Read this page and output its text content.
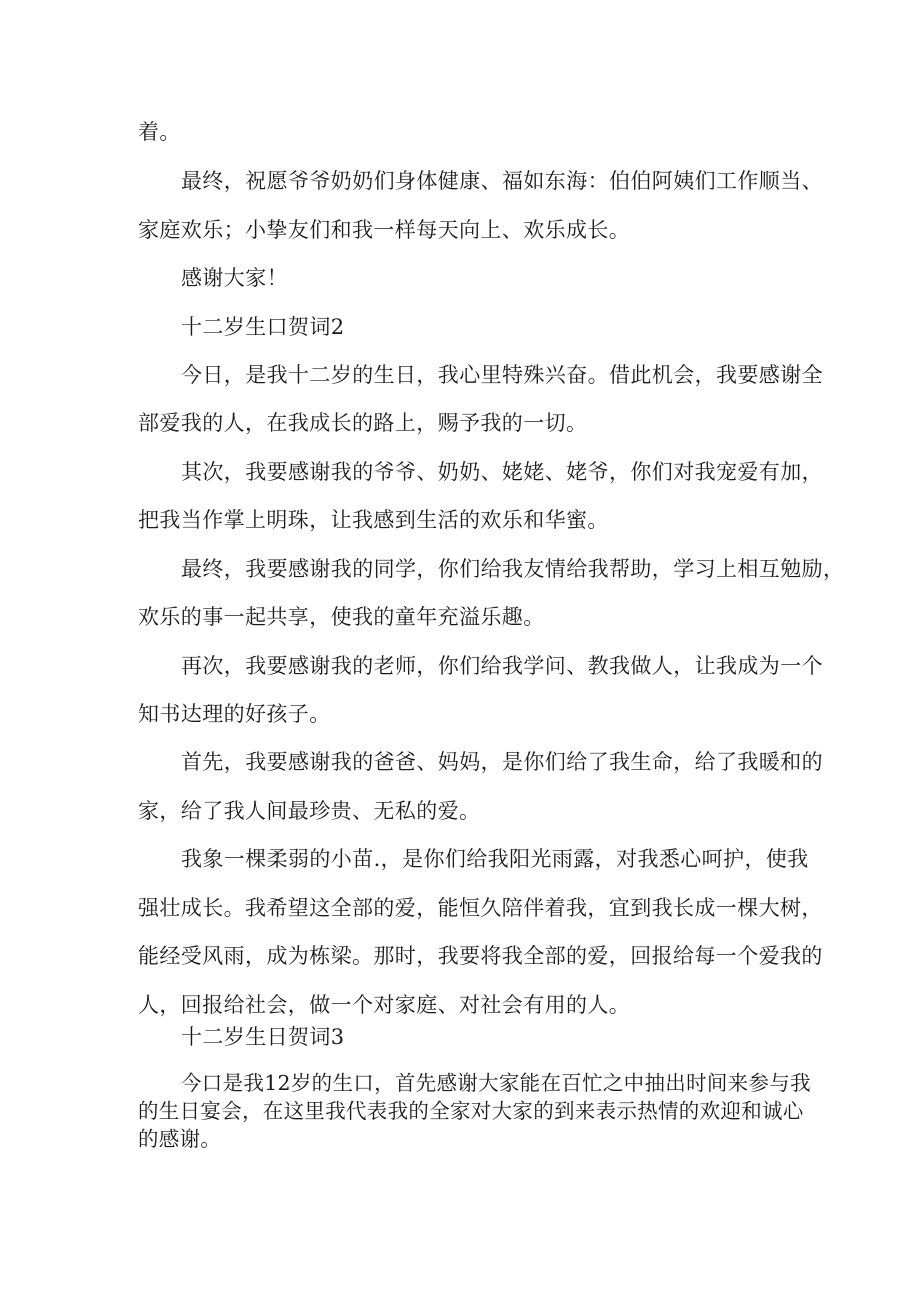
着。
最终，祝愿爷爷奶奶们身体健康、福如东海：伯伯阿姨们工作顺当、
家庭欢乐；小挚友们和我一样每天向上、欢乐成长。
感谢大家！
十二岁生口贺词2
今日，是我十二岁的生日，我心里特殊兴奋。借此机会，我要感谢全
部爱我的人，在我成长的路上，赐予我的一切。
其次，我要感谢我的爷爷、奶奶、姥姥、姥爷，你们对我宠爱有加，
把我当作掌上明珠，让我感到生活的欢乐和华蜜。
最终，我要感谢我的同学，你们给我友情给我帮助，学习上相互勉励，
欢乐的事一起共享，使我的童年充溢乐趣。
再次，我要感谢我的老师，你们给我学问、教我做人，让我成为一个
知书达理的好孩子。
首先，我要感谢我的爸爸、妈妈，是你们给了我生命，给了我暖和的
家，给了我人间最珍贵、无私的爱。
我象一棵柔弱的小苗.，是你们给我阳光雨露，对我悉心呵护，使我
强壮成长。我希望这全部的爱，能恒久陪伴着我，宜到我长成一棵大树，
能经受风雨，成为栋梁。那时，我要将我全部的爱，回报给每一个爱我的
人，回报给社会，做一个对家庭、对社会有用的人。
十二岁生日贺词3
今口是我12岁的生口，首先感谢大家能在百忙之中抽出时间来参与我
的生日宴会，在这里我代表我的全家对大家的到来表示热情的欢迎和诚心
的感谢。
